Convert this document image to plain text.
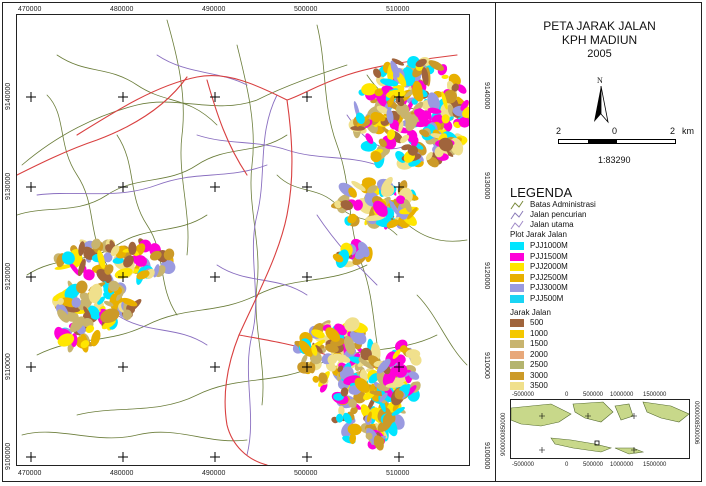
PETA JARAK JALAN
KPH MADIUN
2005
N
2	0	2 km
1:83290
LEGENDA
Batas Administrasi
Jalan pencurian
Jalan utama
Plot Jarak Jalan
PJJ1000M
PJJ1500M
PJJ2000M
PJJ2500M
PJJ3000M
PJJ500M
Jarak Jalan
500
1000
1500
2000
2500
3000
3500
-500000
-500000
0
0
500000
500000
1000000
1000000
1500000
1500000
9000000850000	0000008500006
470000
470000
480000
480000
490000
490000
500000
500000
510000
510000
9140000	9140000
9130000	9130000
9120000	9120000
9110000	9110000
9100000	9100000
